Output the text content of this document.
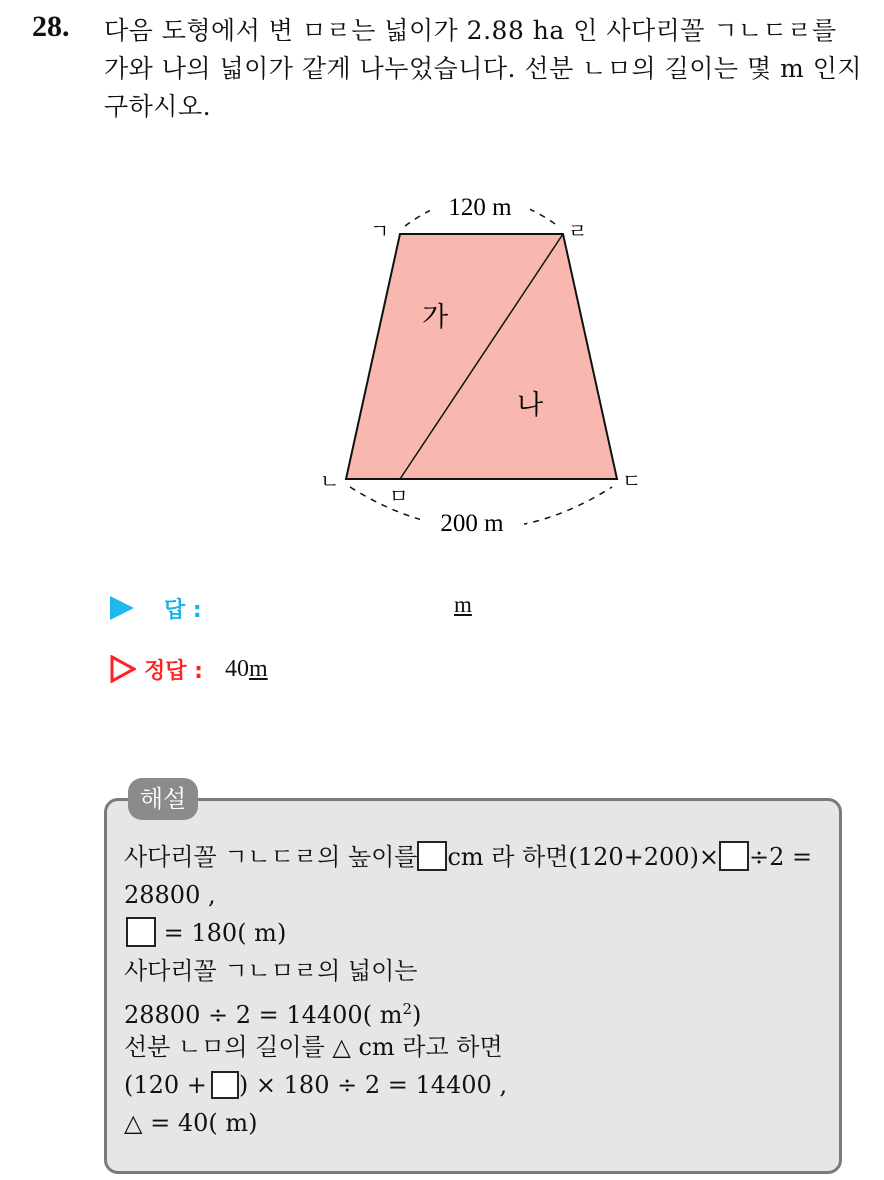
28. 다음 도형에서 변 ㅁㄹ는 넓이가 2.88 ha 인 사다리꼴 ㄱㄴㄷㄹ를
가와 나의 넓이가 같게 나누었습니다. 선분 ㄴㅁ의 길이는 몇 m 인지
구하시오.
120 m
200 m
ㄱ	ㄹ
ㄴ	ㄷ
ㅁ
가
나
답 :	m
정답 : 40m
해설
사다리꼴 ㄱㄴㄷㄹ의 높이를 cm 라 하면(120+200)× ÷2 =
28800 ,
= 180( m)
사다리꼴 ㄱㄴㅁㄹ의 넓이는
28800 ÷ 2 = 14400( $m^2$)
선분 ㄴㅁ의 길이를 △ cm 라고 하면
(120 + ) × 180 ÷ 2 = 14400 ,
△ = 40( m)
